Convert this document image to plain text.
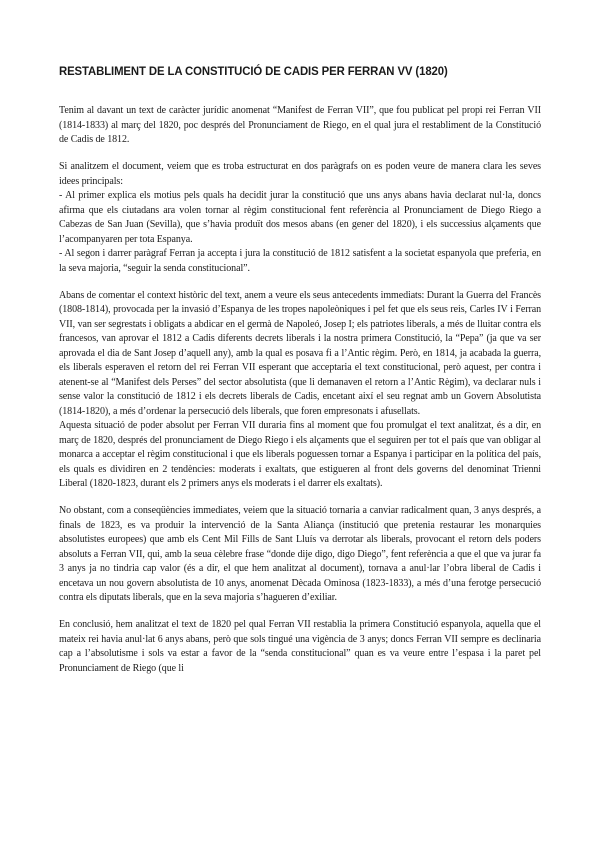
RESTABLIMENT DE LA CONSTITUCIÓ DE CADIS PER FERRAN VV (1820)

Tenim al davant un text de caràcter jurídic anomenat “Manifest de Ferran VII”, que fou publicat pel propi rei Ferran VII (1814-1833) al març del 1820, poc després del Pronunciament de Riego, en el qual jura el restabliment de la Constitució de Cadis de 1812.

Si analitzem el document, veiem que es troba estructurat en dos paràgrafs on es poden veure de manera clara les seves idees principals:

- Al primer explica els motius pels quals ha decidit jurar la constitució que uns anys abans havia declarat nul·la, doncs afirma que els ciutadans ara volen tornar al règim constitucional fent referència al Pronunciament de Diego Riego a Cabezas de San Juan (Sevilla), que s’havia produït dos mesos abans (en gener del 1820), i els successius alçaments que l’acompanyaren per tota Espanya.

- Al segon i darrer paràgraf Ferran ja accepta i jura la constitució de 1812 satisfent a la societat espanyola que preferia, en la seva majoria, “seguir la senda constitucional”.

Abans de comentar el context històric del text, anem a veure els seus antecedents immediats: Durant la Guerra del Francès (1808-1814), provocada per la invasió d’Espanya de les tropes napoleòniques i pel fet que els seus reis, Carles IV i Ferran VII, van ser segrestats i obligats a abdicar en el germà de Napoleó, Josep I; els patriotes liberals, a més de lluitar contra els francesos, van aprovar el 1812 a Cadis diferents decrets liberals i la nostra primera Constitució, la “Pepa” (ja que va ser aprovada el dia de Sant Josep d’aquell any), amb la qual es posava fi a l’Antic règim. Però, en 1814, ja acabada la guerra, els liberals esperaven el retorn del rei Ferran VII esperant que acceptaria el text constitucional, però aquest, per contra i atenent-se al “Manifest dels Perses” del sector absolutista (que li demanaven el retorn a l’Antic Règim), va declarar nuls i sense valor la constitució de 1812 i els decrets liberals de Cadis, encetant així el seu regnat amb un Govern Absolutista (1814-1820), a més d’ordenar la persecució dels liberals, que foren empresonats i afusellats.

Aquesta situació de poder absolut per Ferran VII duraria fins al moment que fou promulgat el text analitzat, és a dir, en març de 1820, després del pronunciament de Diego Riego i els alçaments que el seguiren per tot el país que van obligar al monarca a acceptar el règim constitucional i que els liberals poguessen tornar a Espanya i participar en la política del país, els quals es dividiren en 2 tendències: moderats i exaltats, que estigueren al front dels governs del denominat Trienni Liberal (1820-1823, durant els 2 primers anys els moderats i el darrer els exaltats).

No obstant, com a conseqüències immediates, veiem que la situació tornaria a canviar radicalment quan, 3 anys després, a finals de 1823, es va produir la intervenció de la Santa Aliança (institució que pretenia restaurar les monarquies absolutistes europees) que amb els Cent Mil Fills de Sant Lluís va derrotar als liberals, provocant el retorn dels poders absoluts a Ferran VII, qui, amb la seua cèlebre frase “donde dije digo, digo Diego”, fent referència a que el que va jurar fa 3 anys ja no tindria cap valor (és a dir, el que hem analitzat al document), tornava a anul·lar l’obra liberal de Cadis i encetava un nou govern absolutista de 10 anys, anomenat Dècada Ominosa (1823-1833), a més d’una ferotge persecució contra els diputats liberals, que en la seva majoria s’hagueren d’exiliar.

En conclusió, hem analitzat el text de 1820 pel qual Ferran VII restablia la primera Constitució espanyola, aquella que el mateix rei havia anul·lat 6 anys abans, però que sols tingué una vigència de 3 anys; doncs Ferran VII sempre es declinaria cap a l’absolutisme i sols va estar a favor de la “senda constitucional” quan es va veure entre l’espasa i la paret pel Pronunciament de Riego (que li
